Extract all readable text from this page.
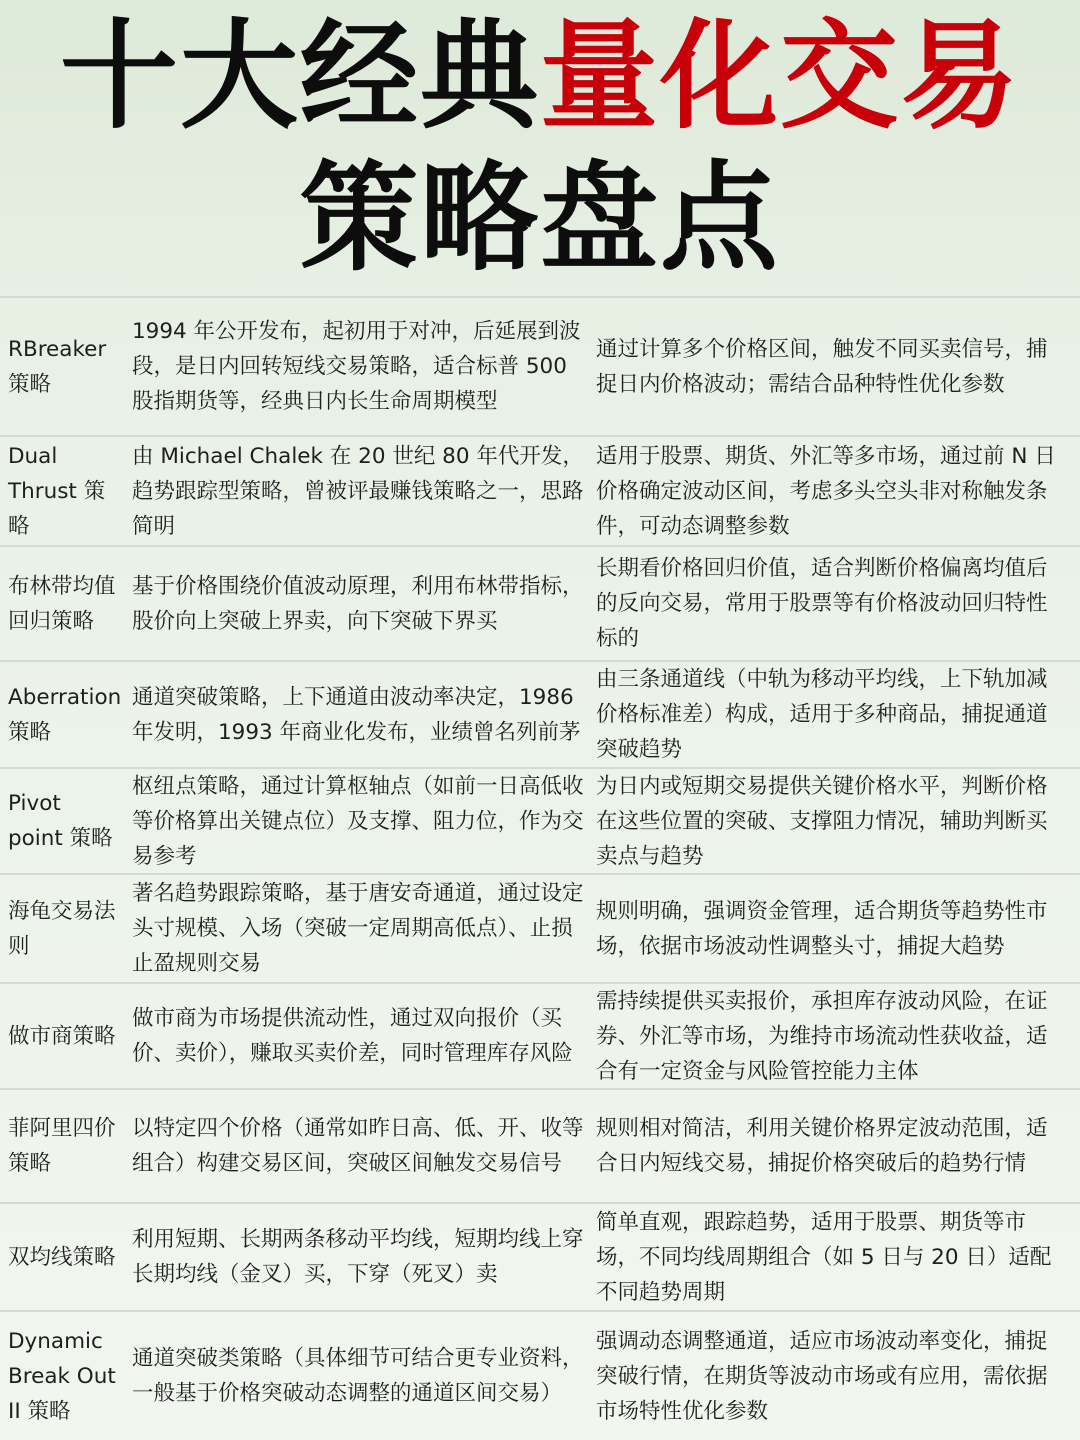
十大经典量化交易
策略盘点
RBreaker 策略
1994 年公开发布，起初用于对冲，后延展到波段，是日内回转短线交易策略，适合标普 500 股指期货等，经典日内长生命周期模型
通过计算多个价格区间，触发不同买卖信号，捕捉日内价格波动；需结合品种特性优化参数
Dual Thrust 策略
由 Michael Chalek 在 20 世纪 80 年代开发，趋势跟踪型策略，曾被评最赚钱策略之一，思路简明
适用于股票、期货、外汇等多市场，通过前 N 日价格确定波动区间，考虑多头空头非对称触发条件，可动态调整参数
布林带均值回归策略
基于价格围绕价值波动原理，利用布林带指标，股价向上突破上界卖，向下突破下界买
长期看价格回归价值，适合判断价格偏离均值后的反向交易，常用于股票等有价格波动回归特性标的
Aberration 策略
通道突破策略，上下通道由波动率决定，1986 年发明，1993 年商业化发布，业绩曾名列前茅
由三条通道线（中轨为移动平均线，上下轨加减价格标准差）构成，适用于多种商品，捕捉通道突破趋势
Pivot point 策略
枢纽点策略，通过计算枢轴点（如前一日高低收等价格算出关键点位）及支撑、阻力位，作为交易参考
为日内或短期交易提供关键价格水平，判断价格在这些位置的突破、支撑阻力情况，辅助判断买卖点与趋势
海龟交易法则
著名趋势跟踪策略，基于唐安奇通道，通过设定头寸规模、入场（突破一定周期高低点）、止损止盈规则交易
规则明确，强调资金管理，适合期货等趋势性市场，依据市场波动性调整头寸，捕捉大趋势
做市商策略
做市商为市场提供流动性，通过双向报价（买价、卖价），赚取买卖价差，同时管理库存风险
需持续提供买卖报价，承担库存波动风险，在证券、外汇等市场，为维持市场流动性获收益，适合有一定资金与风险管控能力主体
菲阿里四价策略
以特定四个价格（通常如昨日高、低、开、收等组合）构建交易区间，突破区间触发交易信号
规则相对简洁，利用关键价格界定波动范围，适合日内短线交易，捕捉价格突破后的趋势行情
双均线策略
利用短期、长期两条移动平均线，短期均线上穿长期均线（金叉）买，下穿（死叉）卖
简单直观，跟踪趋势，适用于股票、期货等市场，不同均线周期组合（如 5 日与 20 日）适配不同趋势周期
Dynamic Break Out II 策略
通道突破类策略（具体细节可结合更专业资料，一般基于价格突破动态调整的通道区间交易）
强调动态调整通道，适应市场波动率变化，捕捉突破行情，在期货等波动市场或有应用，需依据市场特性优化参数
